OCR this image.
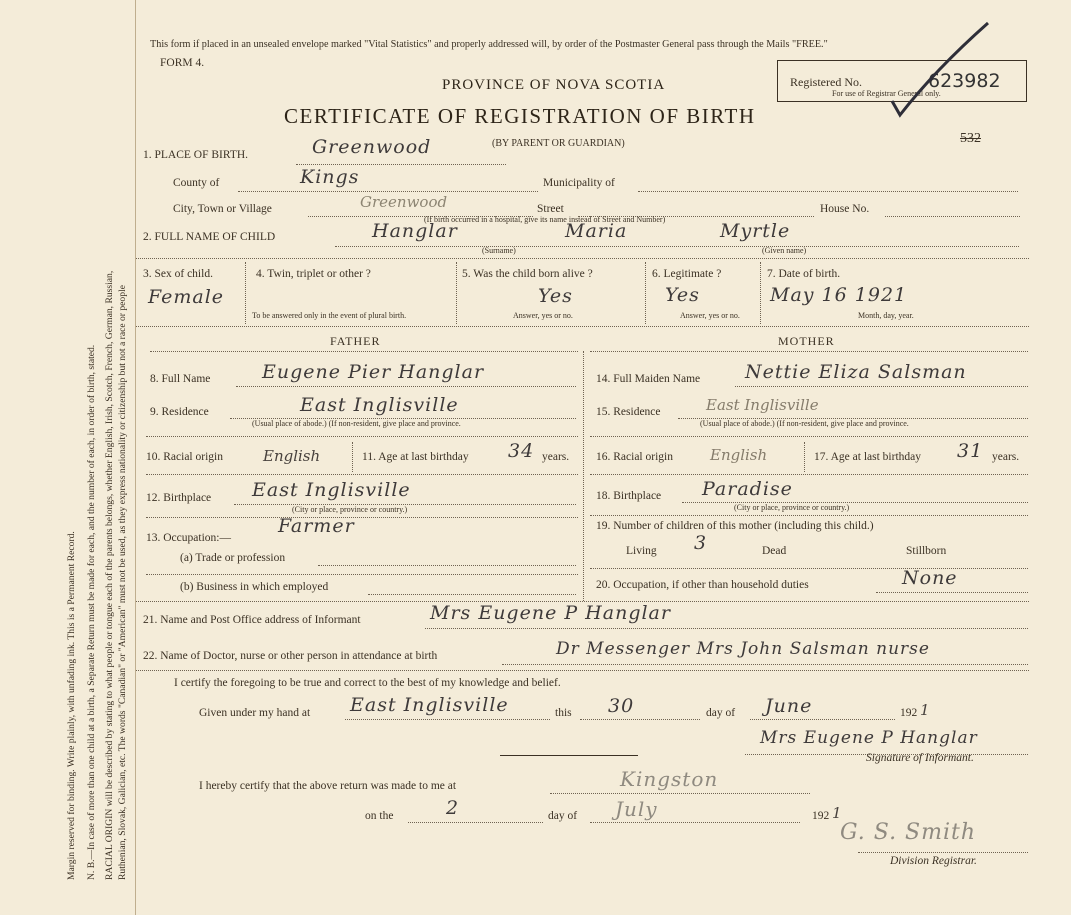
Margin reserved for binding. Write plainly, with unfading ink. This is a Permanent Record. N. B.—In case of more than one child at a birth, a Separate Return must be made for each, and the number of each, in order of birth, stated. RACIAL ORIGIN will be described by stating to what people or tongue each of the parents belongs, whether English, Irish, Scotch, French, German, Russian, Ruthenian, Slovak, Galician, etc. The words "Canadian" or "American" must not be used, as they express nationality or citizenship but not a race or people
This form if placed in an unsealed envelope marked "Vital Statistics" and properly addressed will, by order of the Postmaster General pass through the Mails "FREE."
FORM 4.
PROVINCE OF NOVA SCOTIA
CERTIFICATE OF REGISTRATION OF BIRTH
(BY PARENT OR GUARDIAN)
Registered No.	623982
For use of Registrar General only.
532
1. PLACE OF BIRTH.	Greenwood
County of	Kings	Municipality of
City, Town or Village	Greenwood	Street	House No.
(If birth occurred in a hospital, give its name instead of Street and Number)
2. FULL NAME OF CHILD	Hanglar	Maria	Myrtle
(Surname)	(Given name)
3. Sex of child.
Female
4. Twin, triplet or other ?
To be answered only in the event of plural birth.
5. Was the child born alive ?
Yes
Answer, yes or no.
6. Legitimate ?
Yes
Answer, yes or no.
7. Date of birth.
May 16 1921
Month, day, year.
FATHER	MOTHER
8. Full Name	Eugene Pier Hanglar
9. Residence	East Inglisville
(Usual place of abode.) (If non-resident, give place and province.
10. Racial origin	English	11. Age at last birthday 34 years.
12. Birthplace East Inglisville
(City or place, province or country.)
13. Occupation:—
Farmer
(a) Trade or profession
(b) Business in which employed
14. Full Maiden Name Nettie Eliza Salsman
15. Residence	East Inglisville
(Usual place of abode.) (If non-resident, give place and province.
16. Racial origin English	17. Age at last birthday 31 years.
18. Birthplace Paradise
(City or place, province or country.)
19. Number of children of this mother (including this child.)
Living 3	Dead	Stillborn
20. Occupation, if other than household duties	None
21. Name and Post Office address of Informant	Mrs Eugene P Hanglar
22. Name of Doctor, nurse or other person in attendance at birth	Dr Messenger Mrs John Salsman nurse
I certify the foregoing to be true and correct to the best of my knowledge and belief.
Given under my hand at East Inglisville	this 30	day of June	192 1
Mrs Eugene P Hanglar
Signature of Informant.
I hereby certify that the above return was made to me at	Kingston
on the	2	day of July	192 1
G. S. Smith
Division Registrar.
